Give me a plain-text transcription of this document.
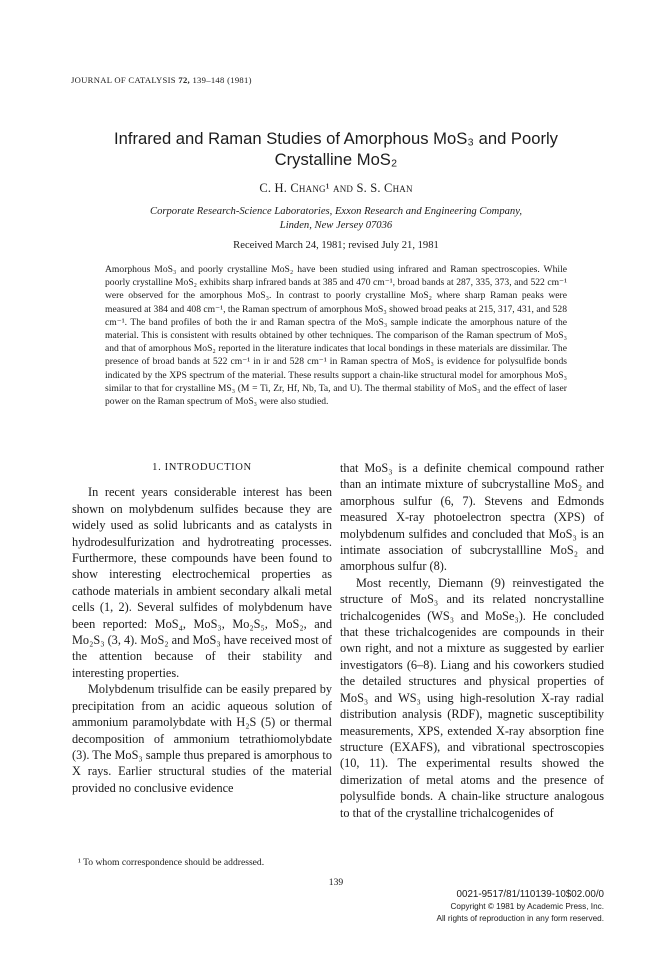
JOURNAL OF CATALYSIS 72, 139–148 (1981)
Infrared and Raman Studies of Amorphous MoS₃ and Poorly
Crystalline MoS₂
C. H. Chang¹ and S. S. Chan
Corporate Research-Science Laboratories, Exxon Research and Engineering Company,
Linden, New Jersey 07036
Received March 24, 1981; revised July 21, 1981
Amorphous MoS₃ and poorly crystalline MoS₂ have been studied using infrared and Raman spectroscopies. While poorly crystalline MoS₂ exhibits sharp infrared bands at 385 and 470 cm⁻¹, broad bands at 287, 335, 373, and 522 cm⁻¹ were observed for the amorphous MoS₃. In contrast to poorly crystalline MoS₂ where sharp Raman peaks were measured at 384 and 408 cm⁻¹, the Raman spectrum of amorphous MoS₃ showed broad peaks at 215, 317, 431, and 528 cm⁻¹. The band profiles of both the ir and Raman spectra of the MoS₃ sample indicate the amorphous nature of the material. This is consistent with results obtained by other techniques. The comparison of the Raman spectrum of MoS₃ and that of amorphous MoS₂ reported in the literature indicates that local bondings in these materials are dissimilar. The presence of broad bands at 522 cm⁻¹ in ir and 528 cm⁻¹ in Raman spectra of MoS₃ is evidence for polysulfide bonds indicated by the XPS spectrum of the material. These results support a chain-like structural model for amorphous MoS₃ similar to that for crystalline MS₃ (M = Ti, Zr, Hf, Nb, Ta, and U). The thermal stability of MoS₃ and the effect of laser power on the Raman spectrum of MoS₃ were also studied.
1. INTRODUCTION

In recent years considerable interest has been shown on molybdenum sulfides because they are widely used as solid lubricants and as catalysts in hydrodesulfurization and hydrotreating processes. Furthermore, these compounds have been found to show interesting electrochemical properties as cathode materials in ambient secondary alkali metal cells (1, 2). Several sulfides of molybdenum have been reported: MoS₄, MoS₃, Mo₂S₅, MoS₂, and Mo₂S₃ (3, 4). MoS₂ and MoS₃ have received most of the attention because of their stability and interesting properties.

Molybdenum trisulfide can be easily prepared by precipitation from an acidic aqueous solution of ammonium paramolybdate with H₂S (5) or thermal decomposition of ammonium tetrathiomolybdate (3). The MoS₃ sample thus prepared is amorphous to X rays. Earlier structural studies of the material provided no conclusive evidence

that MoS₃ is a definite chemical compound rather than an intimate mixture of subcrystalline MoS₂ and amorphous sulfur (6, 7). Stevens and Edmonds measured X-ray photoelectron spectra (XPS) of molybdenum sulfides and concluded that MoS₃ is an intimate association of subcrystallline MoS₂ and amorphous sulfur (8).

Most recently, Diemann (9) reinvestigated the structure of MoS₃ and its related noncrystalline trichalcogenides (WS₃ and MoSe₃). He concluded that these trichalcogenides are compounds in their own right, and not a mixture as suggested by earlier investigators (6–8). Liang and his coworkers studied the detailed structures and physical properties of MoS₃ and WS₃ using high-resolution X-ray radial distribution analysis (RDF), magnetic susceptibility measurements, XPS, extended X-ray absorption fine structure (EXAFS), and vibrational spectroscopies (10, 11). The experimental results showed the dimerization of metal atoms and the presence of polysulfide bonds. A chain-like structure analogous to that of the crystalline trichalcogenides of

¹ To whom correspondence should be addressed.
139
0021-9517/81/110139-10$02.00/0
Copyright © 1981 by Academic Press, Inc.
All rights of reproduction in any form reserved.
